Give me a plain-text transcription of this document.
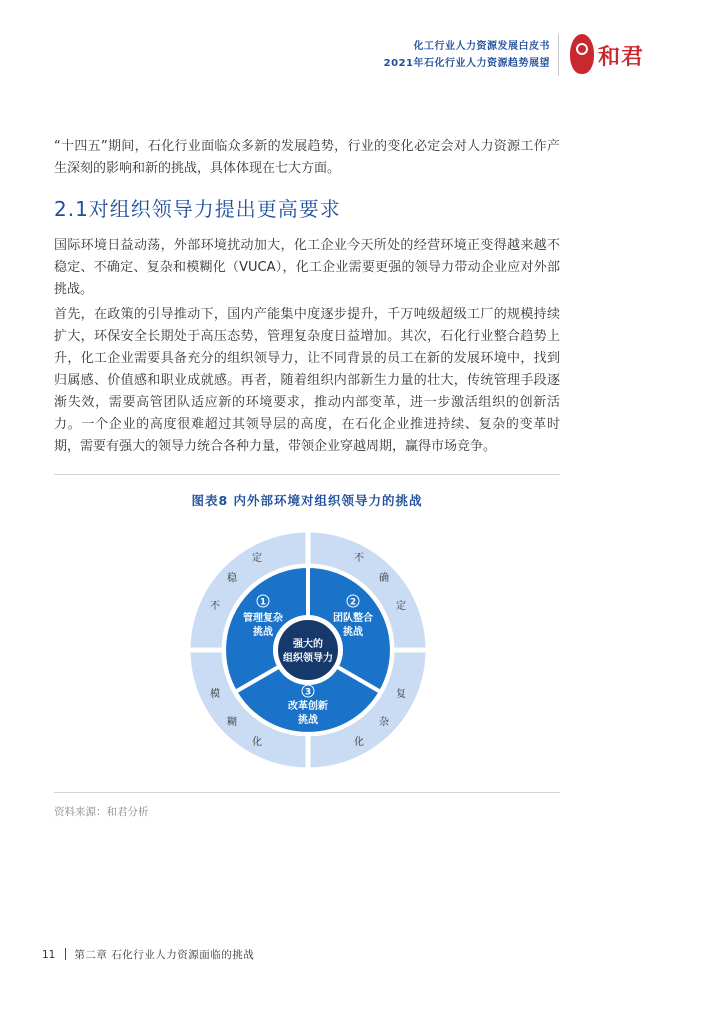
化工行业人力资源发展白皮书
2021年石化行业人力资源趋势展望 和君

“十四五”期间，石化行业面临众多新的发展趋势，行业的变化必定会对人力资源工作产生深刻的影响和新的挑战，具体体现在七大方面。

2.1对组织领导力提出更高要求

国际环境日益动荡，外部环境扰动加大，化工企业今天所处的经营环境正变得越来越不稳定、不确定、复杂和模糊化（VUCA），化工企业需要更强的领导力带动企业应对外部挑战。

首先，在政策的引导推动下，国内产能集中度逐步提升，千万吨级超级工厂的规模持续扩大，环保安全长期处于高压态势，管理复杂度日益增加。其次，石化行业整合趋势上升，化工企业需要具备充分的组织领导力，让不同背景的员工在新的发展环境中，找到归属感、价值感和职业成就感。再者，随着组织内部新生力量的壮大，传统管理手段逐渐失效，需要高管团队适应新的环境要求，推动内部变革，进一步激活组织的创新活力。一个企业的高度很难超过其领导层的高度，在石化企业推进持续、复杂的变革时期，需要有强大的领导力统合各种力量，带领企业穿越周期，赢得市场竞争。

图表8 内外部环境对组织领导力的挑战
强大的
组织领导力
1
管理复杂
挑战
2
团队整合
挑战
3
改革创新
挑战
不
稳
定	不
确
定
复
杂
化
模
糊
化
资料来源：和君分析
11 第二章 石化行业人力资源面临的挑战
